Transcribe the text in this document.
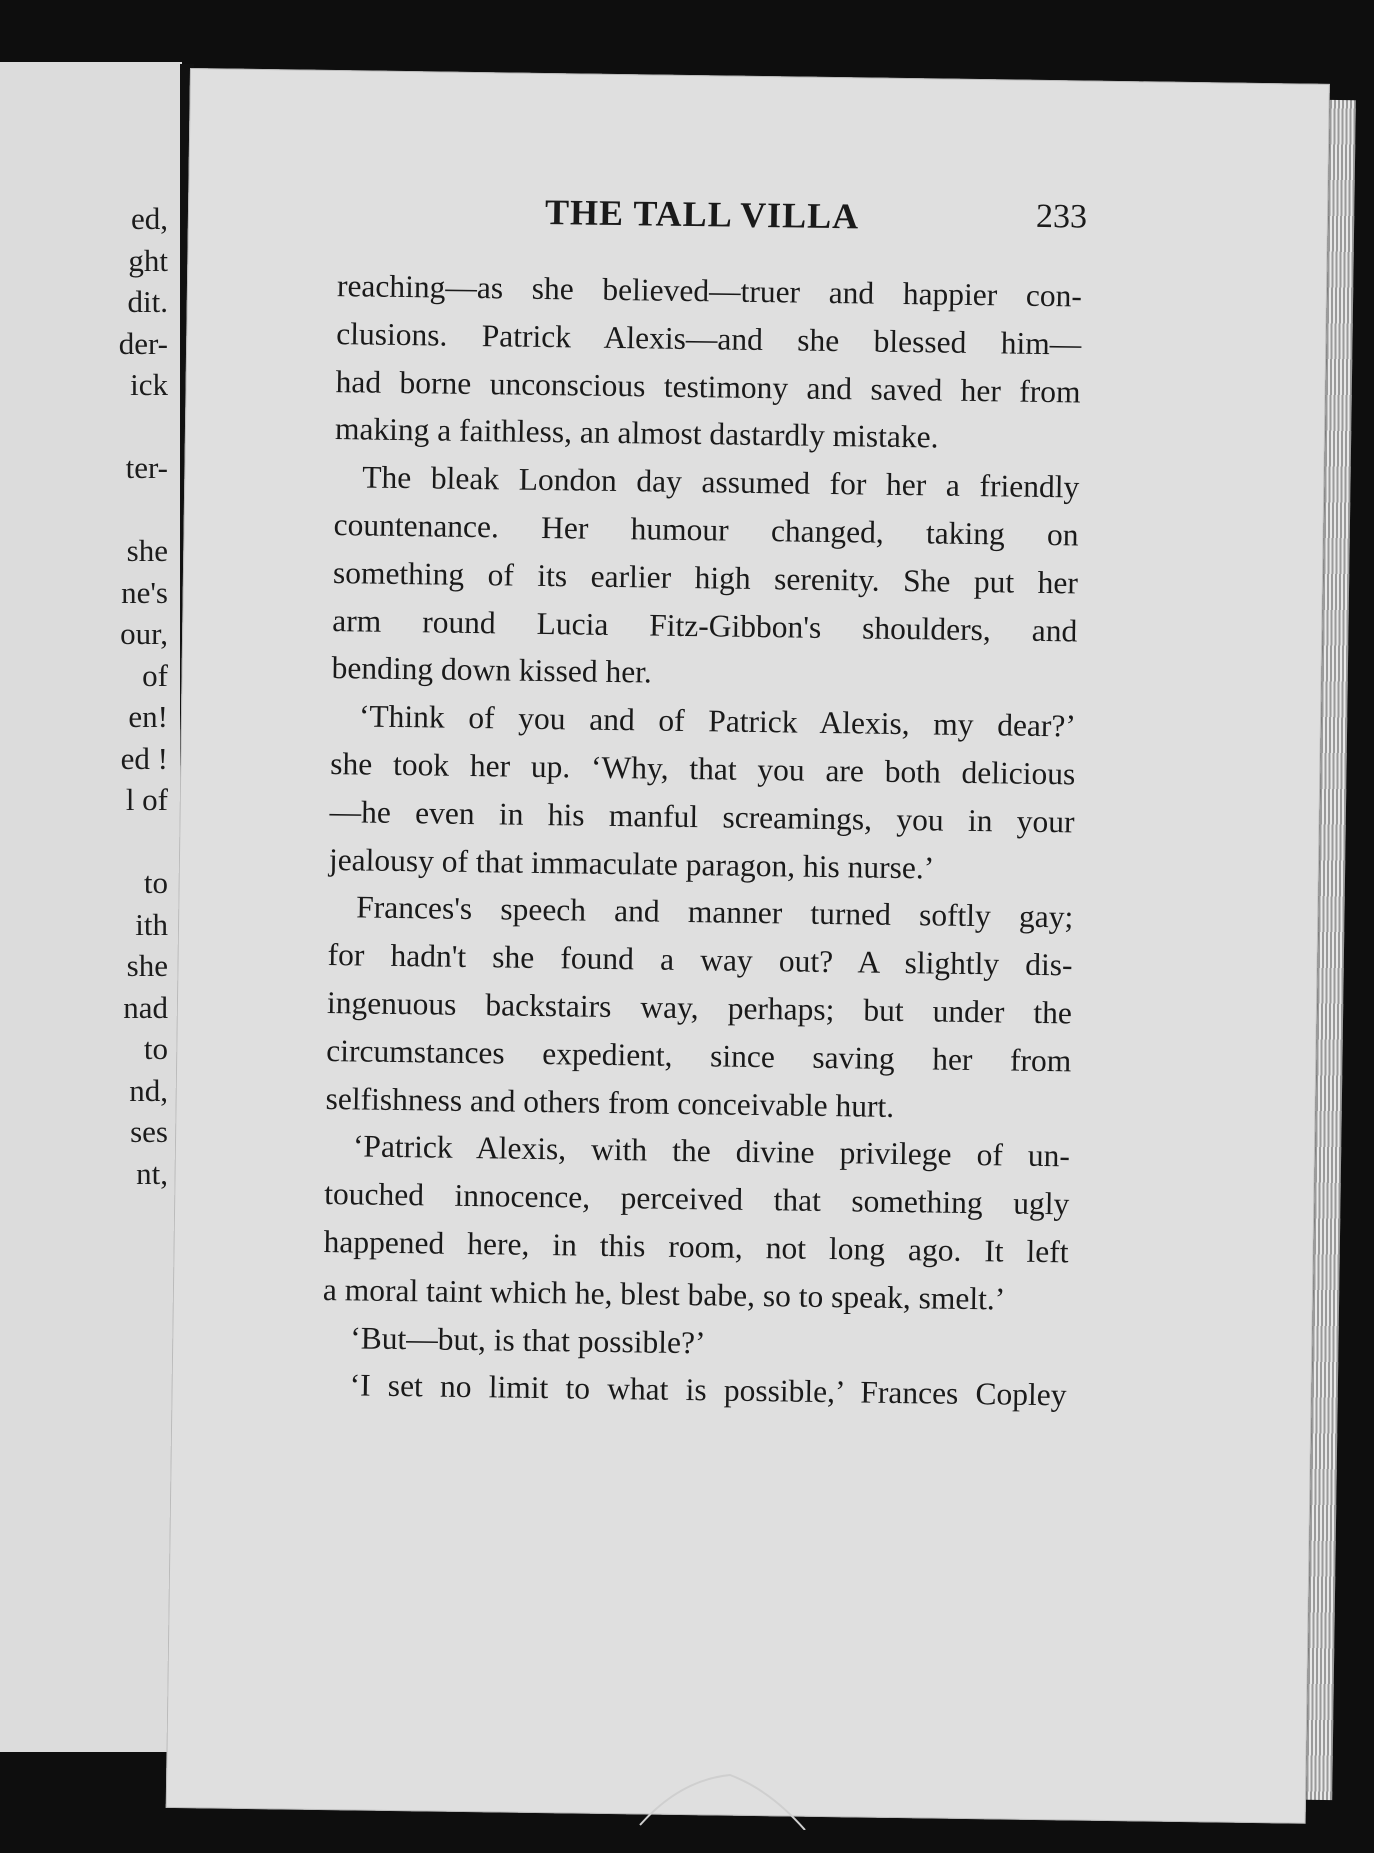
ed,
ght
dit.
der-
ick
ter-
she
ne's
our,
of
en!
ed !
l of
to
ith
she
nad
to
nd,
ses
nt,
THE TALL VILLA	233
reaching—as she believed—truer and happier con-
clusions. Patrick Alexis—and she blessed him—
had borne unconscious testimony and saved her from
making a faithless, an almost dastardly mistake.
The bleak London day assumed for her a friendly
countenance. Her humour changed, taking on
something of its earlier high serenity. She put her
arm round Lucia Fitz-Gibbon's shoulders, and
bending down kissed her.
‘Think of you and of Patrick Alexis, my dear?’
she took her up. ‘Why, that you are both delicious
—he even in his manful screamings, you in your
jealousy of that immaculate paragon, his nurse.’
Frances's speech and manner turned softly gay;
for hadn't she found a way out? A slightly dis-
ingenuous backstairs way, perhaps; but under the
circumstances expedient, since saving her from
selfishness and others from conceivable hurt.
‘Patrick Alexis, with the divine privilege of un-
touched innocence, perceived that something ugly
happened here, in this room, not long ago. It left
a moral taint which he, blest babe, so to speak, smelt.’
‘But—but, is that possible?’
‘I set no limit to what is possible,’ Frances Copley
